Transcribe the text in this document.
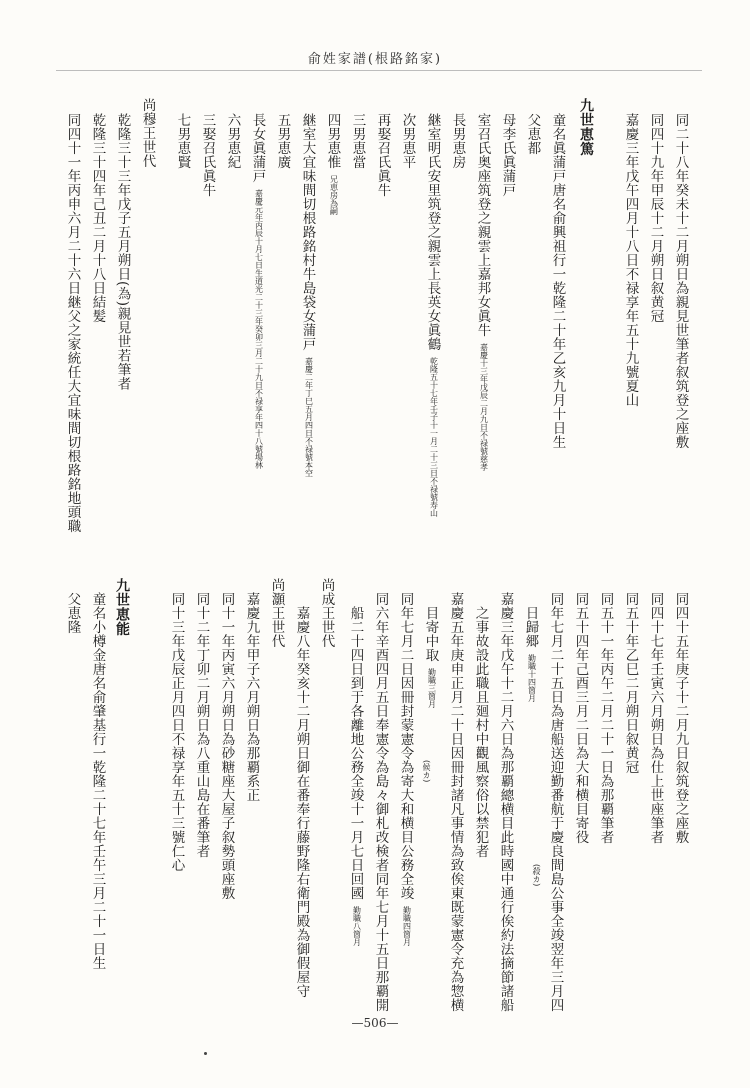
俞姓家譜(根路銘家)
同二十八年癸未十二月朔日為親見世筆者叙筑登之座敷
同四十九年甲辰十二月朔日叙黄冠
嘉慶三年戊午四月十八日不禄享年五十九號夏山
九世恵篤
童名眞蒲戸唐名俞興祖行一乾隆二十年乙亥九月十日生
父恵都
母李氏眞蒲戸
室召氏奥座筑登之親雲上嘉邦女眞牛嘉慶十三年戊辰二月九日不禄號慈孝
長男恵房
継室明氏安里筑登之親雲上長英女眞鶴乾隆五十七年壬子十一月二十三日不禄號寿山
次男恵平
再娶召氏眞牛
三男恵當
四男恵惟兄恵房為嗣
継室大宜味間切根路銘村牛島袋女蒲戸嘉慶二年丁巳五月四日不禄號本空
五男恵廣
長女眞蒲戸嘉慶元年丙辰十月七日生道光二十三年癸卯三月二十九日不禄享年四十八號場林
六男恵紀
三娶召氏眞牛
七男恵賢
尚穆王世代
乾隆三十三年戊子五月朔日(為)親見世若筆者
乾隆三十四年己丑二月十八日結髪
同四十一年丙申六月二十六日継父之家統任大宜味間切根路銘地頭職
同四十五年庚子十二月九日叙筑登之座敷
同四十七年壬寅六月朔日為仕上世座筆者
同五十年乙巳二月朔日叙黄冠
同五十一年丙午二月二十一日為那覇筆者
同五十四年己酉三月二日為大和横目寄役
同年七月二十五日為唐船送迎勤番航于慶良間島公事全竣翌年三月四
日歸郷勤職十四箇月
嘉慶三年戊午十二月六日為那覇總横目此時國中通行俟約法摘節諸船
之事故設此職且廻村中觀風察俗以禁犯者
嘉慶五年庚申正月二十日因冊封諸凡事情為致俟東既蒙憲令充為惣横
目寄中取勤職三箇月
同年七月二日因冊封蒙憲令為寄大和横目公務全竣勤職四箇月
同六年辛酉四月五日奉憲令為島々御札改検者同年七月十五日那覇開
船二十四日到于各離地公務全竣十一月七日回國勤職八箇月
尚成王世代
嘉慶八年癸亥十二月朔日御在番奉行藤野隆右衛門殿為御假屋守
尚灝王世代
嘉慶九年甲子六月朔日為那覇系正
同十一年丙寅六月朔日為砂糖座大屋子叙勢頭座敷
同十二年丁卯二月朔日為八重山島在番筆者
同十三年戊辰正月四日不禄享年五十三號仁心
九世恵能
童名小樽金唐名俞肇基行一乾隆二十七年壬午三月二十一日生
父恵隆
(殺カ)
(候カ)
—506—
